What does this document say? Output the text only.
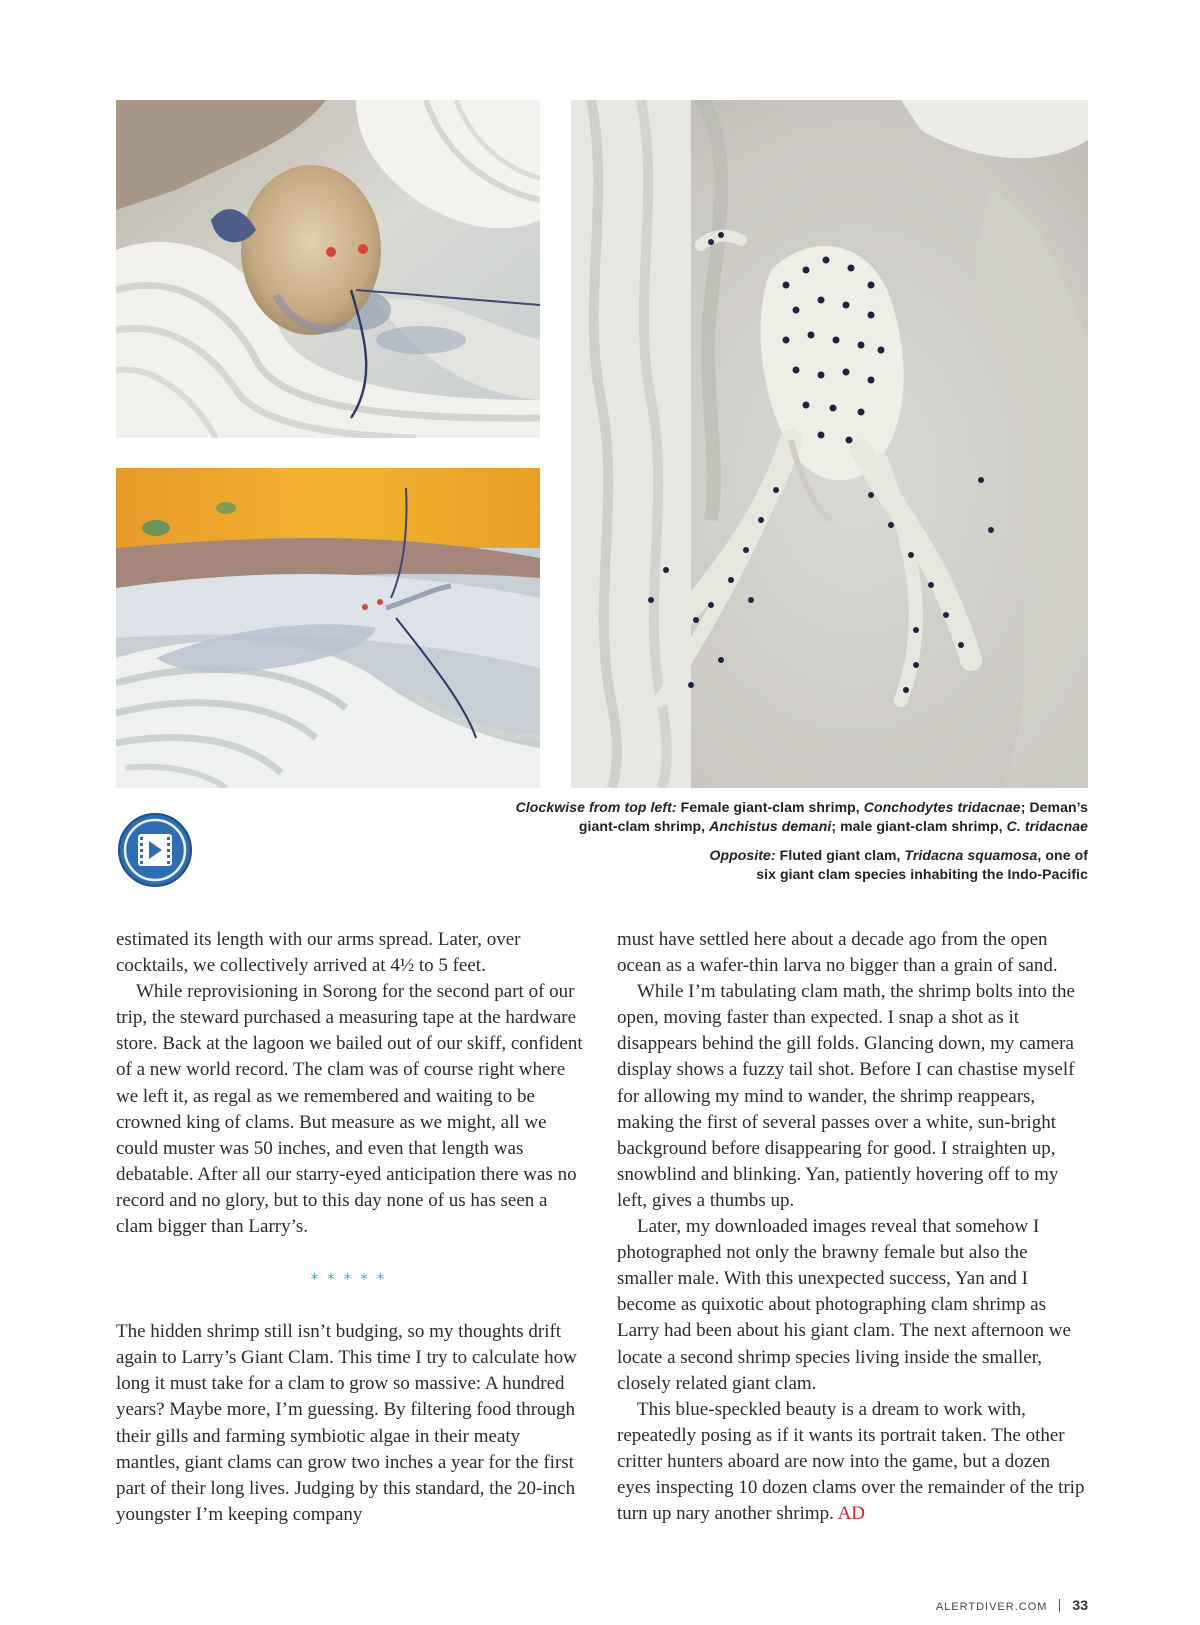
Clockwise from top left: Female giant-clam shrimp, Conchodytes tridacnae; Deman’s
giant-clam shrimp, Anchistus demani; male giant-clam shrimp, C. tridacnae
Opposite: Fluted giant clam, Tridacna squamosa, one of
six giant clam species inhabiting the Indo-Pacific

estimated its length with our arms spread. Later, over cocktails, we collectively arrived at 4½ to 5 feet.

While reprovisioning in Sorong for the second part of our trip, the steward purchased a measuring tape at the hardware store. Back at the lagoon we bailed out of our skiff, confident of a new world record. The clam was of course right where we left it, as regal as we remembered and waiting to be crowned king of clams. But measure as we might, all we could muster was 50 inches, and even that length was debatable. After all our starry-eyed anticipation there was no record and no glory, but to this day none of us has seen a clam bigger than Larry’s.

*****

The hidden shrimp still isn’t budging, so my thoughts drift again to Larry’s Giant Clam. This time I try to calculate how long it must take for a clam to grow so massive: A hundred years? Maybe more, I’m guessing. By filtering food through their gills and farming symbiotic algae in their meaty mantles, giant clams can grow two inches a year for the first part of their long lives. Judging by this standard, the 20-inch youngster I’m keeping company

must have settled here about a decade ago from the open ocean as a wafer-thin larva no bigger than a grain of sand.

While I’m tabulating clam math, the shrimp bolts into the open, moving faster than expected. I snap a shot as it disappears behind the gill folds. Glancing down, my camera display shows a fuzzy tail shot. Before I can chastise myself for allowing my mind to wander, the shrimp reappears, making the first of several passes over a white, sun-bright background before disappearing for good. I straighten up, snowblind and blinking. Yan, patiently hovering off to my left, gives a thumbs up.

Later, my downloaded images reveal that somehow I photographed not only the brawny female but also the smaller male. With this unexpected success, Yan and I become as quixotic about photographing clam shrimp as Larry had been about his giant clam. The next afternoon we locate a second shrimp species living inside the smaller, closely related giant clam.

This blue-speckled beauty is a dream to work with, repeatedly posing as if it wants its portrait taken. The other critter hunters aboard are now into the game, but a dozen eyes inspecting 10 dozen clams over the remainder of the trip turn up nary another shrimp. AD

ALERTDIVER.COM 33
